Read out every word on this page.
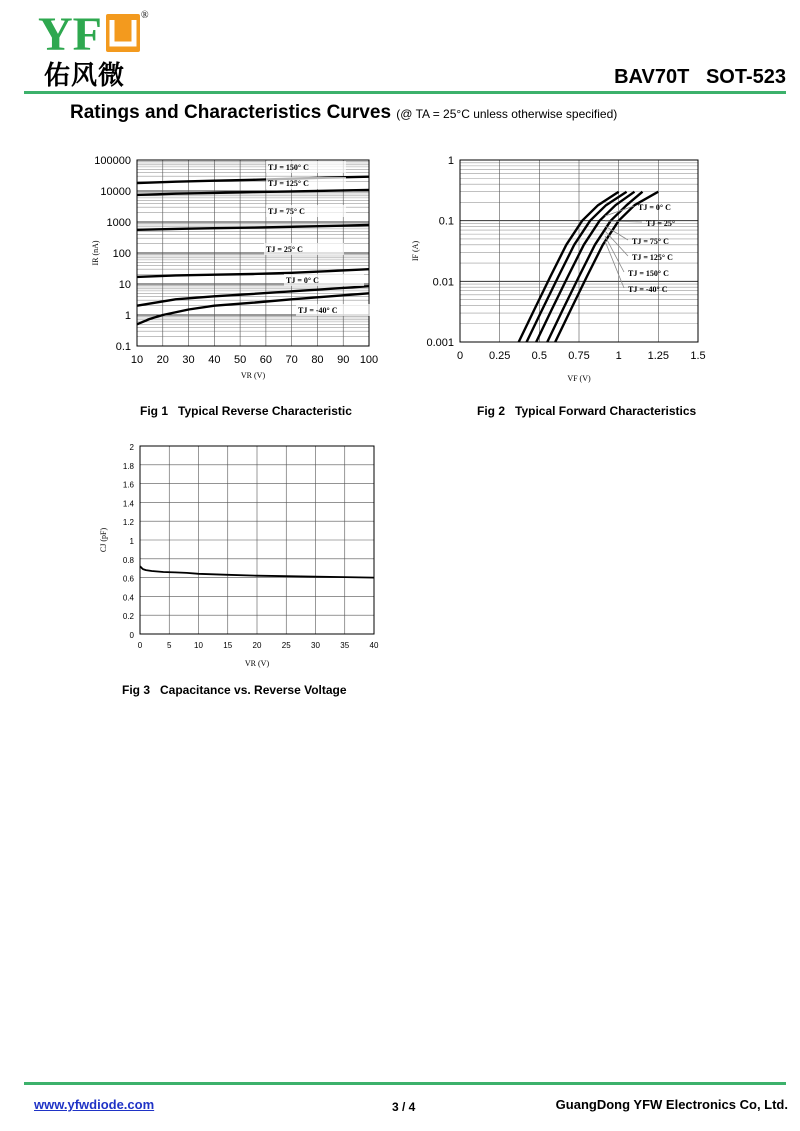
YF	®
佑风微	BAV70T   SOT-523
Ratings and Characteristics Curves (@ TA = 25°C unless otherwise specified)
100000
10000
1000
100
10
1
0.1
10 20 30 40 50 60 70 80 90 100
TJ = 150° C
TJ = 125° C
TJ = 75° C
TJ = 25° C
TJ = 0° C
TJ = -40° C
VR (V)
IR (nA)
Fig 1   Typical Reverse Characteristic
1
0.1
0.01
0.001
0 0.25 0.5 0.75 1 1.25 1.5
TJ = 0° C
TJ = 25°
TJ = 75° C
TJ = 125° C
TJ = 150° C
TJ = -40° C
VF (V)
IF (A)
Fig 2   Typical Forward Characteristics
2
1.8
1.6
1.4
1.2
1
0.8
0.6
0.4
0.2
0
0	5	10	15	20	25	30	35	40
VR (V)
CJ (pF)
Fig 3   Capacitance vs. Reverse Voltage
www.yfwdiode.com	3 / 4	GuangDong YFW Electronics Co, Ltd.
